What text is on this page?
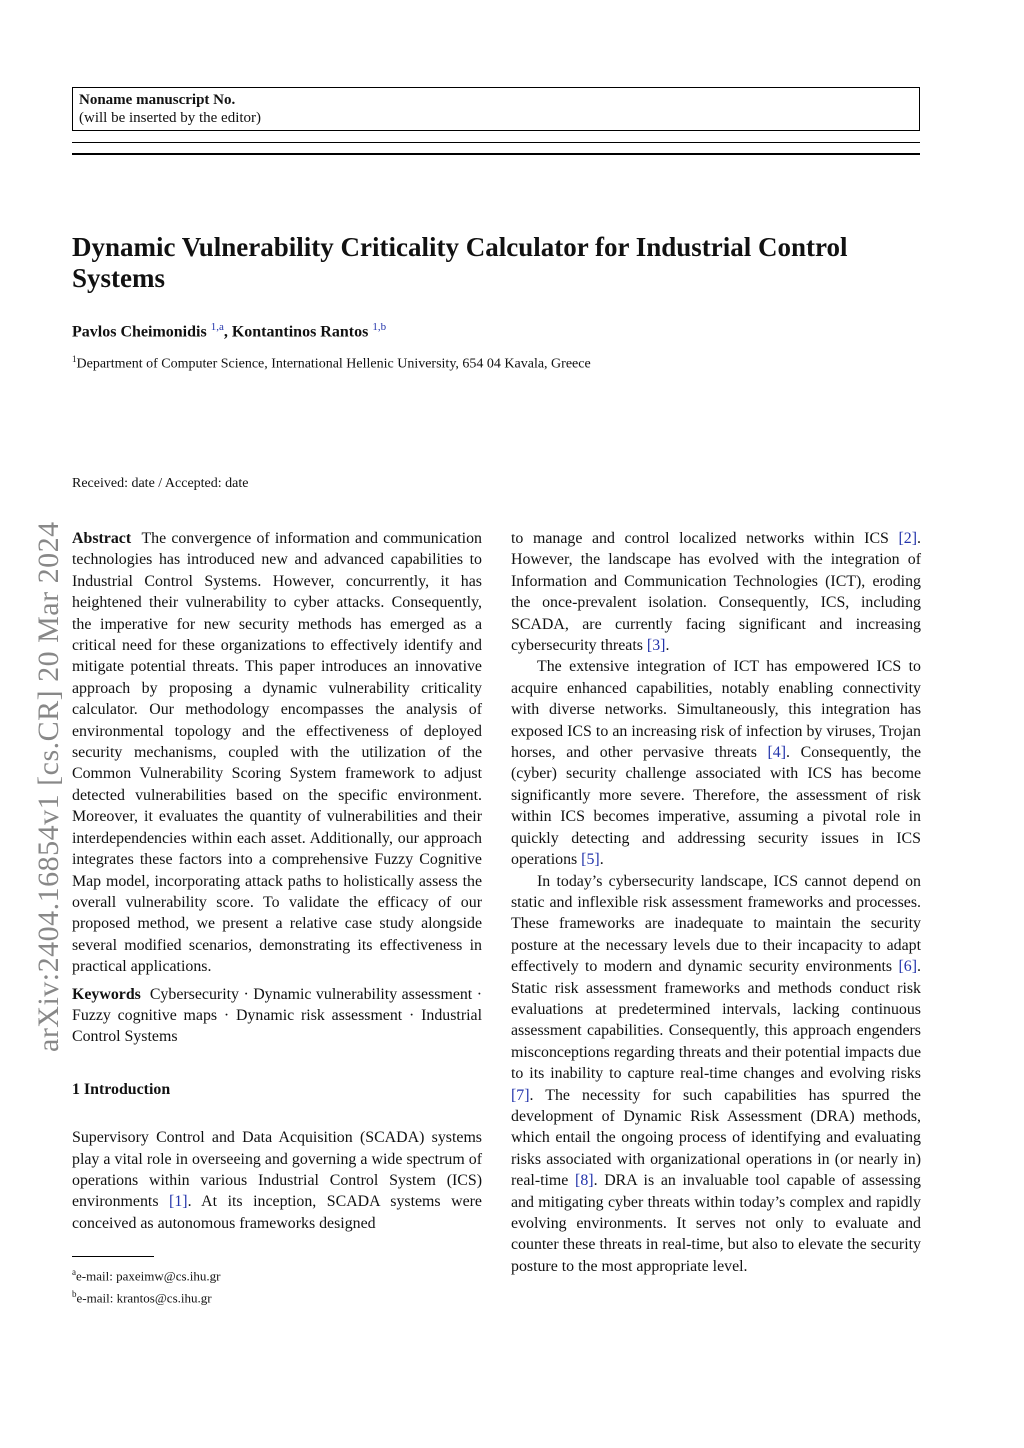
Noname manuscript No.
(will be inserted by the editor)
arXiv:2404.16854v1 [cs.CR] 20 Mar 2024
Dynamic Vulnerability Criticality Calculator for Industrial Control Systems
Pavlos Cheimonidis $^{1,a}$, Kontantinos Rantos $^{1,b}$
$^1$Department of Computer Science, International Hellenic University, 654 04 Kavala, Greece
Received: date / Accepted: date

Abstract The convergence of information and communication technologies has introduced new and advanced capabilities to Industrial Control Systems. However, concurrently, it has heightened their vulnerability to cyber attacks. Consequently, the imperative for new security methods has emerged as a critical need for these organizations to effectively identify and mitigate potential threats. This paper introduces an innovative approach by proposing a dynamic vulnerability criticality calculator. Our methodology encompasses the analysis of environmental topology and the effectiveness of deployed security mechanisms, coupled with the utilization of the Common Vulnerability Scoring System framework to adjust detected vulnerabilities based on the specific environment. Moreover, it evaluates the quantity of vulnerabilities and their interdependencies within each asset. Additionally, our approach integrates these factors into a comprehensive Fuzzy Cognitive Map model, incorporating attack paths to holistically assess the overall vulnerability score. To validate the efficacy of our proposed method, we present a relative case study alongside several modified scenarios, demonstrating its effectiveness in practical applications.

Keywords Cybersecurity · Dynamic vulnerability assessment · Fuzzy cognitive maps · Dynamic risk assessment · Industrial Control Systems

1 Introduction

Supervisory Control and Data Acquisition (SCADA) systems play a vital role in overseeing and governing a wide spectrum of operations within various Industrial Control System (ICS) environments [1]. At its inception, SCADA systems were conceived as autonomous frameworks designed

to manage and control localized networks within ICS [2]. However, the landscape has evolved with the integration of Information and Communication Technologies (ICT), eroding the once-prevalent isolation. Consequently, ICS, including SCADA, are currently facing significant and increasing cybersecurity threats [3].

The extensive integration of ICT has empowered ICS to acquire enhanced capabilities, notably enabling connectivity with diverse networks. Simultaneously, this integration has exposed ICS to an increasing risk of infection by viruses, Trojan horses, and other pervasive threats [4]. Consequently, the (cyber) security challenge associated with ICS has become significantly more severe. Therefore, the assessment of risk within ICS becomes imperative, assuming a pivotal role in quickly detecting and addressing security issues in ICS operations [5].

In today’s cybersecurity landscape, ICS cannot depend on static and inflexible risk assessment frameworks and processes. These frameworks are inadequate to maintain the security posture at the necessary levels due to their incapacity to adapt effectively to modern and dynamic security environments [6]. Static risk assessment frameworks and methods conduct risk evaluations at predetermined intervals, lacking continuous assessment capabilities. Consequently, this approach engenders misconceptions regarding threats and their potential impacts due to its inability to capture real-time changes and evolving risks [7]. The necessity for such capabilities has spurred the development of Dynamic Risk Assessment (DRA) methods, which entail the ongoing process of identifying and evaluating risks associated with organizational operations in (or nearly in) real-time [8]. DRA is an invaluable tool capable of assessing and mitigating cyber threats within today’s complex and rapidly evolving environments. It serves not only to evaluate and counter these threats in real-time, but also to elevate the security posture to the most appropriate level.

$^a$e-mail: paxeimw@cs.ihu.gr
$^b$e-mail: krantos@cs.ihu.gr
